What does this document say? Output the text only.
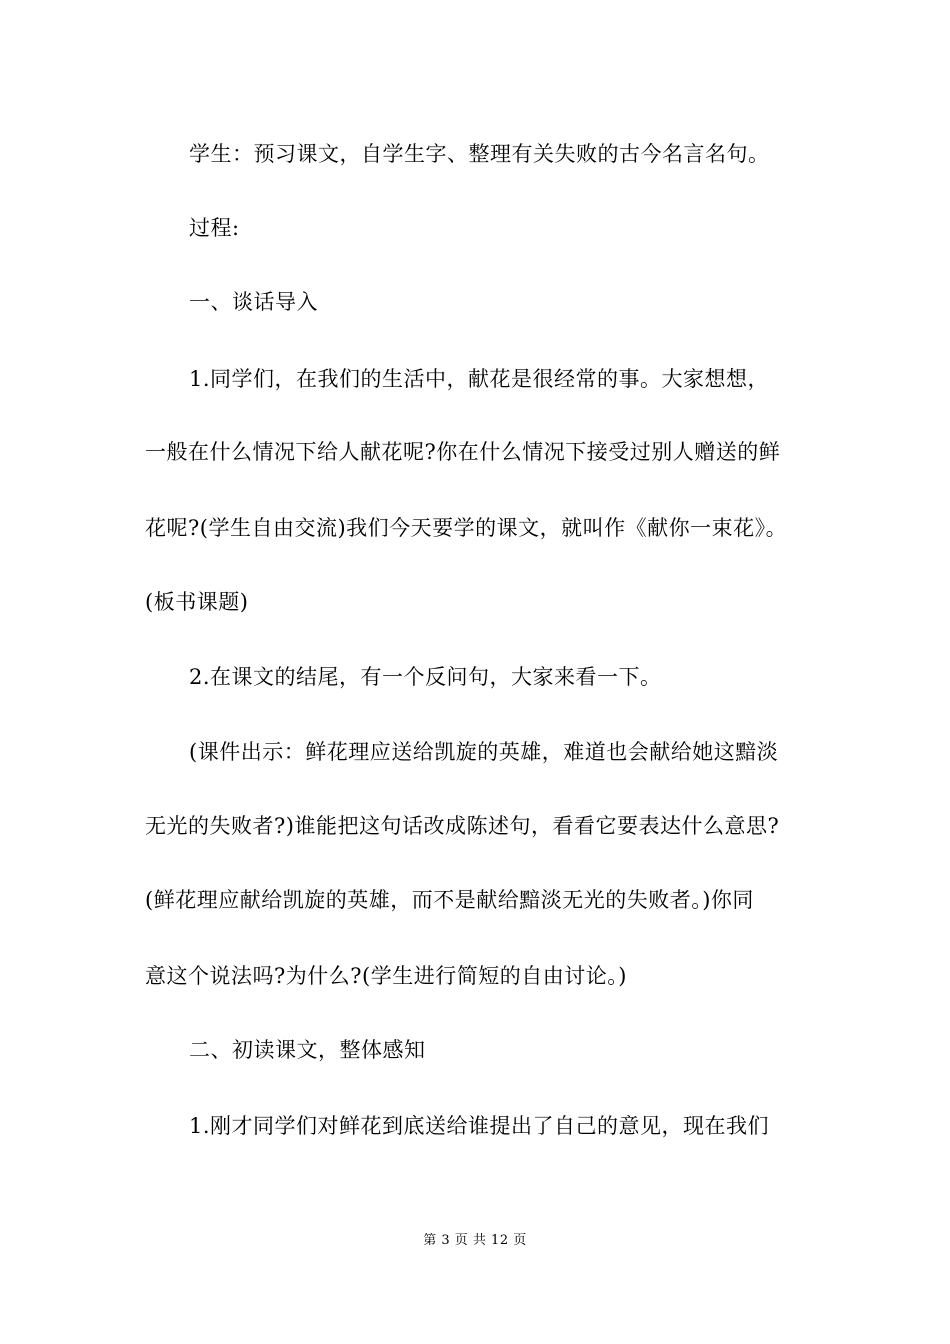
学生：预习课文，自学生字、整理有关失败的古今名言名句。
过程:
一、谈话导入
1.同学们，在我们的生活中，献花是很经常的事。大家想想，
一般在什么情况下给人献花呢?你在什么情况下接受过别人赠送的鲜
花呢?(学生自由交流)我们今天要学的课文，就叫作《献你一束花》。
(板书课题)
2.在课文的结尾，有一个反问句，大家来看一下。
(课件出示：鲜花理应送给凯旋的英雄，难道也会献给她这黯淡
无光的失败者?)谁能把这句话改成陈述句，看看它要表达什么意思?
(鲜花理应献给凯旋的英雄，而不是献给黯淡无光的失败者。)你同
意这个说法吗?为什么?(学生进行简短的自由讨论。)
二、初读课文，整体感知
1.刚才同学们对鲜花到底送给谁提出了自己的意见，现在我们
第 3 页 共 12 页
